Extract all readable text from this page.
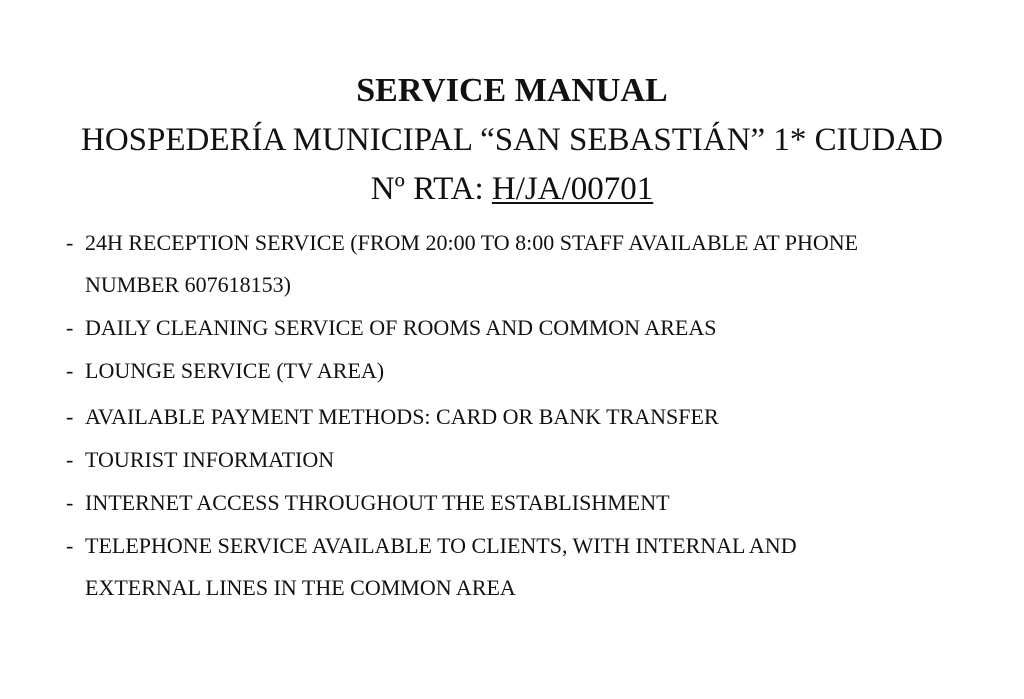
SERVICE MANUAL
HOSPEDERÍA MUNICIPAL “SAN SEBASTIÁN” 1* CIUDAD
Nº RTA: H/JA/00701
- 24H RECEPTION SERVICE (FROM 20:00 TO 8:00 STAFF AVAILABLE AT PHONE
NUMBER 607618153)
- DAILY CLEANING SERVICE OF ROOMS AND COMMON AREAS
- LOUNGE SERVICE (TV AREA)
- AVAILABLE PAYMENT METHODS: CARD OR BANK TRANSFER
- TOURIST INFORMATION
- INTERNET ACCESS THROUGHOUT THE ESTABLISHMENT
- TELEPHONE SERVICE AVAILABLE TO CLIENTS, WITH INTERNAL AND
EXTERNAL LINES IN THE COMMON AREA
